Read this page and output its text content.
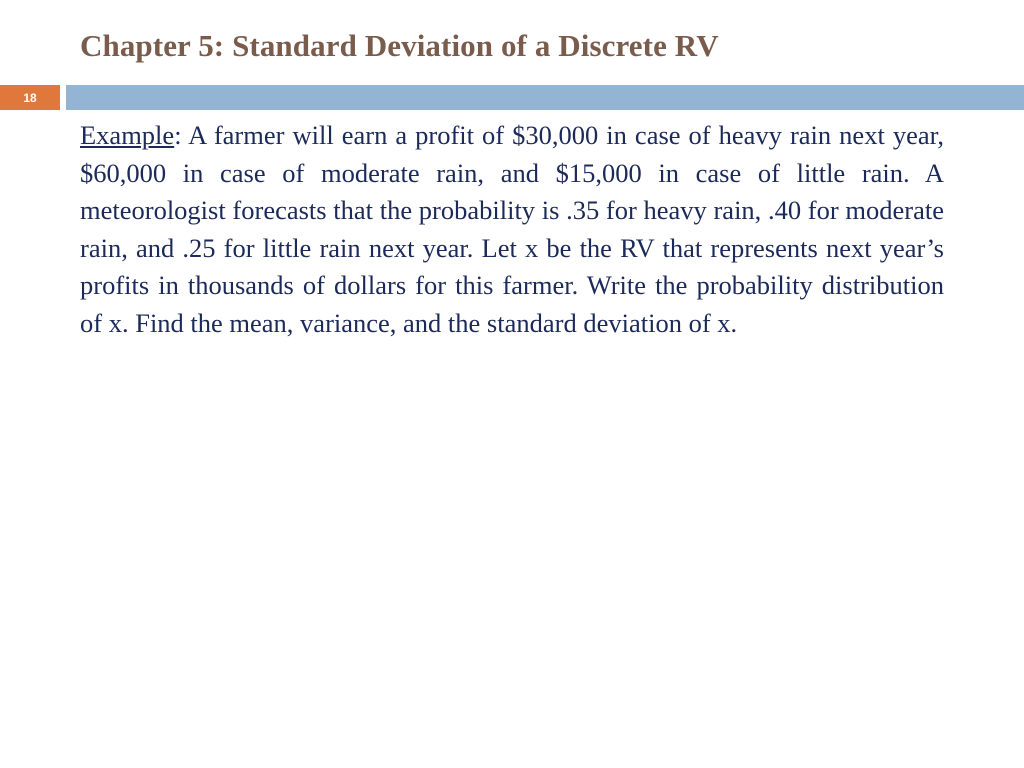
Chapter 5: Standard Deviation of a Discrete RV
18

Example: A farmer will earn a profit of $30,000 in case of heavy rain next year, $60,000 in case of moderate rain, and $15,000 in case of little rain. A meteorologist forecasts that the probability is .35 for heavy rain, .40 for moderate rain, and .25 for little rain next year. Let x be the RV that represents next year’s profits in thousands of dollars for this farmer. Write the probability distribution of x. Find the mean, variance, and the standard deviation of x.
